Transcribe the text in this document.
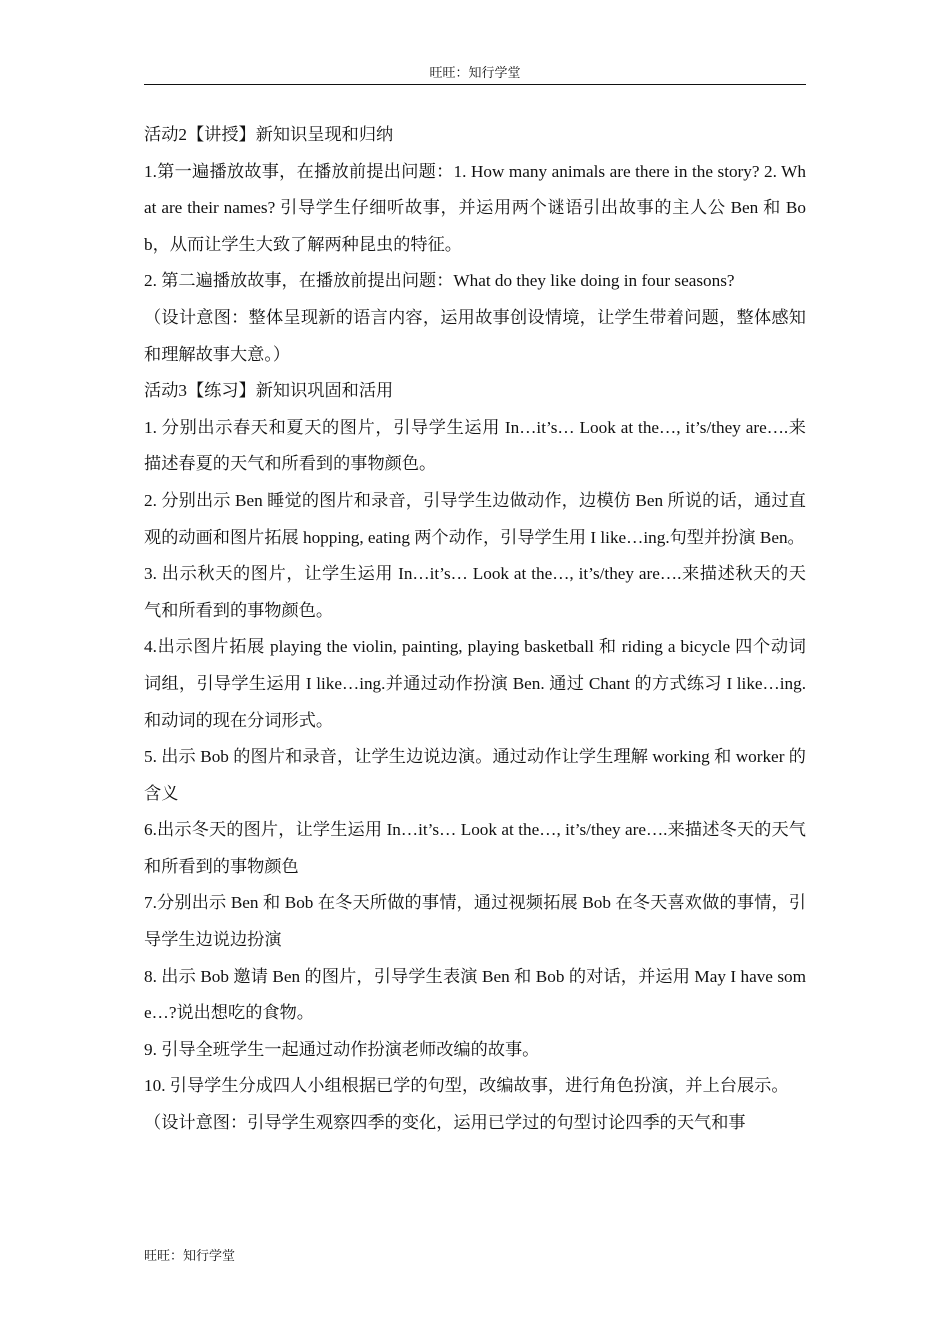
旺旺：知行学堂

活动2【讲授】新知识呈现和归纳

1.第一遍播放故事，在播放前提出问题：1. How many animals are there in the story? 2. What are their names? 引导学生仔细听故事，并运用两个谜语引出故事的主人公 Ben 和 Bob，从而让学生大致了解两种昆虫的特征。

2. 第二遍播放故事，在播放前提出问题：What do they like doing in four seasons?

（设计意图：整体呈现新的语言内容，运用故事创设情境，让学生带着问题，整体感知和理解故事大意。）

活动3【练习】新知识巩固和活用

1. 分别出示春天和夏天的图片，引导学生运用 In…it’s… Look at the…, it’s/they are….来描述春夏的天气和所看到的事物颜色。

2. 分别出示 Ben 睡觉的图片和录音，引导学生边做动作，边模仿 Ben 所说的话，通过直观的动画和图片拓展 hopping, eating 两个动作，引导学生用 I like…ing.句型并扮演 Ben。

3. 出示秋天的图片，让学生运用 In…it’s… Look at the…, it’s/they are….来描述秋天的天气和所看到的事物颜色。

4.出示图片拓展 playing the violin, painting, playing basketball 和 riding a bicycle 四个动词词组，引导学生运用 I like…ing.并通过动作扮演 Ben. 通过 Chant 的方式练习 I like…ing.和动词的现在分词形式。

5. 出示 Bob 的图片和录音，让学生边说边演。通过动作让学生理解 working 和 worker 的含义

6.出示冬天的图片，让学生运用 In…it’s… Look at the…, it’s/they are….来描述冬天的天气和所看到的事物颜色

7.分别出示 Ben 和 Bob 在冬天所做的事情，通过视频拓展 Bob 在冬天喜欢做的事情，引导学生边说边扮演

8. 出示 Bob 邀请 Ben 的图片，引导学生表演 Ben 和 Bob 的对话，并运用 May I have some…?说出想吃的食物。

9. 引导全班学生一起通过动作扮演老师改编的故事。

10. 引导学生分成四人小组根据已学的句型，改编故事，进行角色扮演，并上台展示。

（设计意图：引导学生观察四季的变化，运用已学过的句型讨论四季的天气和事

旺旺：知行学堂
